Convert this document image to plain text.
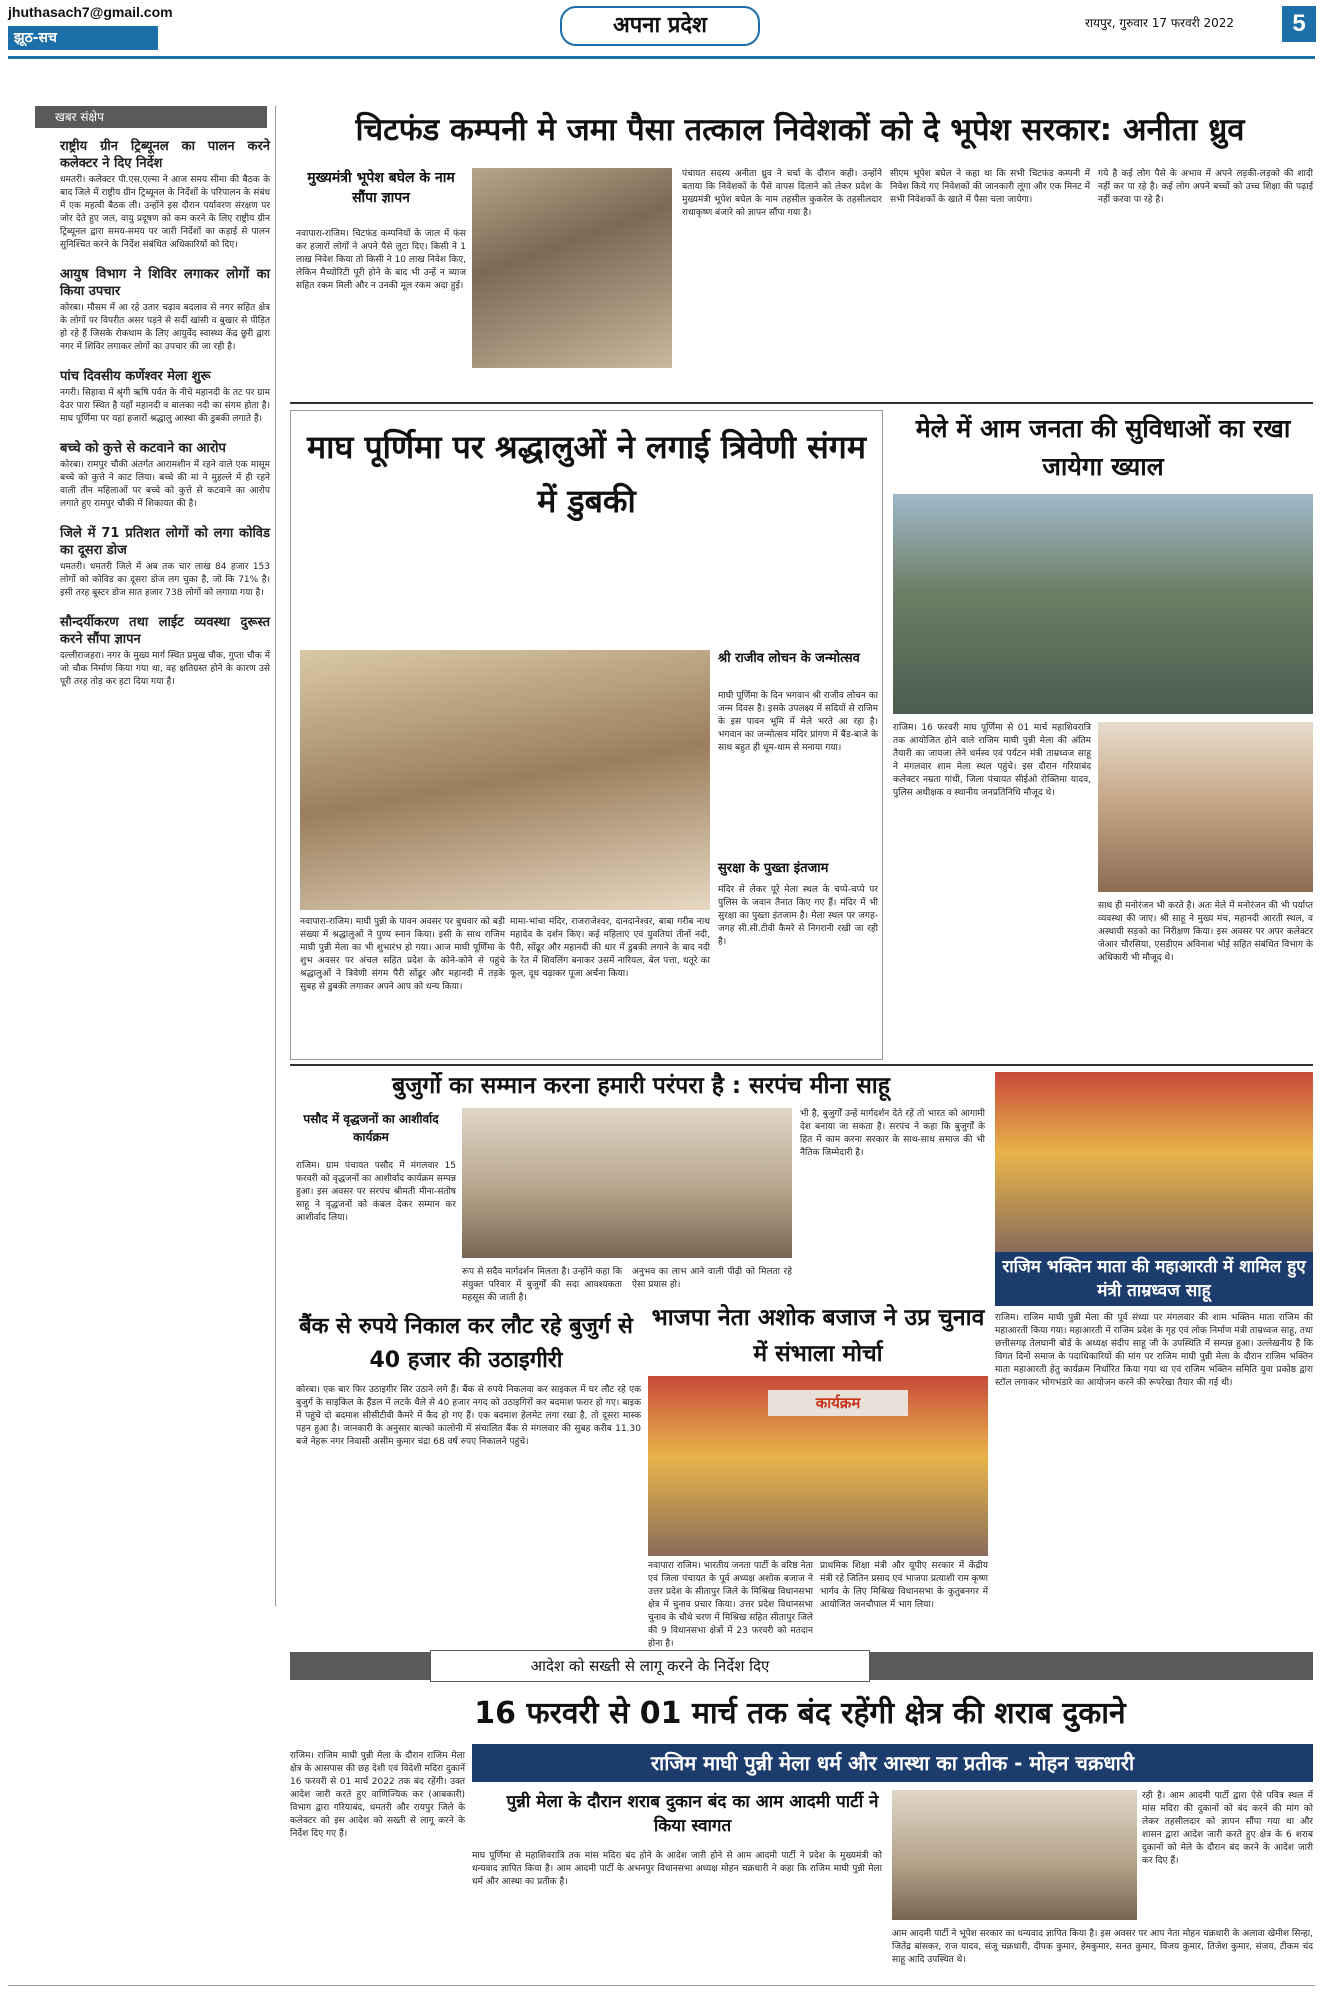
jhuthasach7@gmail.com
झूठ-सच	अपना प्रदेश	रायपुर, गुरुवार 17 फरवरी 2022	5
खबर संक्षेप
राष्ट्रीय ग्रीन ट्रिब्यूनल का पालन करने कलेक्टर ने दिए निर्देश
धमतरी। कलेक्टर पी.एस.एल्मा ने आज समय सीमा की बैठक के बाद जिले में राष्ट्रीय ग्रीन ट्रिब्यूनल के निर्देशों के परिपालन के संबंध में एक महत्वी बैठक ली। उन्होंने इस दौरान पर्यावरण संरक्षण पर जोर देते हुए जल, वायु प्रदूषण को कम करने के लिए राष्ट्रीय ग्रीन ट्रिब्यूनल द्वारा समय-समय पर जारी निर्देशों का कड़ाई से पालन सुनिश्चित करने के निर्देश संबंधित अधिकारियों को दिए।
आयुष विभाग ने शिविर लगाकर लोगों का किया उपचार
कोरबा। मौसम में आ रहे उतार चढ़ाव बदलाव से नगर सहित क्षेत्र के लोगों पर विपरीत असर पड़ने से सर्दी खांसी व बुखार से पीड़ित हो रहे हैं जिसके रोकथाम के लिए आयुर्वेद स्वास्थ्य केंद्र छुरी द्वारा नगर में शिविर लगाकर लोगों का उपचार की जा रही है।
पांच दिवसीय कर्णेश्वर मेला शुरू
नगरी। सिहावा में श्रृंगी ऋषि पर्वत के नीचे महानदी के तट पर ग्राम देउर पारा स्थित है यहाँ महानदी व बालका नदी का संगम होता है। माघ पूर्णिमा पर यहां हजारों श्रद्धालु आस्था की डुबकी लगाते हैं।
बच्चे को कुत्ते से कटवाने का आरोप
कोरबा। रामपुर चौकी अंतर्गत आरामशीन में रहने वाले एक मासूम बच्चे को कुत्ते ने काट लिया। बच्चे की मां ने मुहल्ले में ही रहने वाली तीन महिलाओं पर बच्चे को कुत्ते से कटवाने का आरोप लगाते हुए रामपुर चौकी में शिकायत की है।
जिले में 71 प्रतिशत लोगों को लगा कोविड का दूसरा डोज
धमतरी। धमतरी जिले में अब तक चार लाख 84 हजार 153 लोगों को कोविड का दूसरा डोज लग चुका है, जो कि 71% है। इसी तरह बूस्टर डोज सात हजार 738 लोगों को लगाया गया है।
सौन्दर्यीकरण तथा लाईट व्यवस्था दुरूस्त करने सौंपा ज्ञापन
दल्लीराजहरा। नगर के मुख्य मार्ग स्थित प्रमुख चौक, गुप्ता चौक में जो चौक निर्माण किया गया था, वह क्षतिग्रस्त होने के कारण उसे पूरी तरह तोड़ कर हटा दिया गया है।
चिटफंड कम्पनी मे जमा पैसा तत्काल निवेशकों को दे भूपेश सरकार: अनीता ध्रुव
मुख्यमंत्री भूपेश बघेल के नाम सौंपा ज्ञापन
नवापारा-राजिम। चिटफंड कम्पनियों के जाल में फंस कर हजारों लोगों ने अपने पैसे लुटा दिए। किसी ने 1 लाख निवेश किया तो किसी ने 10 लाख निवेश किए, लेकिन मैच्योरिटी पूरी होने के बाद भी उन्हें न ब्याज सहित रकम मिली और न उनकी मूल रकम अदा हुई।
पंचायत सदस्य अनीता ध्रुव ने चर्चा के दौरान कही। उन्होंने बताया कि निवेशकों के पैसे वापस दिलाने को लेकर प्रदेश के मुख्यमंत्री भूपेश बघेल के नाम तहसील कुकरेल के तहसीलदार राधाकृष्ण बंजारे को ज्ञापन सौंपा गया है।
सीएम भूपेश बघेल ने कहा था कि सभी चिटफंड कम्पनी में निवेश किये गए निवेशकों की जानकारी लूंगा और एक मिनट में सभी निवेशकों के खाते में पैसा चला जायेगा।
गये है कई लोग पैसे के अभाव में अपने लड़की-लड़को की शादी नहीं कर पा रहे है। कई लोग अपने बच्चों को उच्च शिक्षा की पढ़ाई नहीं करवा पा रहे है।
माघ पूर्णिमा पर श्रद्धालुओं ने लगाई त्रिवेणी संगम में डुबकी
श्री राजीव लोचन के जन्मोत्सव
माघी पूर्णिमा के दिन भगवान श्री राजीव लोचन का जन्म दिवस है। इसके उपलक्ष्य में सदियों से राजिम के इस पावन भूमि में मेले भरते आ रहा है। भगवान का जन्मोत्सव मंदिर प्रांगण में बैंड-बाजे के साथ बहुत ही धूम-धाम से मनाया गया।
सुरक्षा के पुख्ता इंतजाम
मंदिर से लेकर पूरे मेला स्थल के चप्पे-चप्पे पर पुलिस के जवान तैनात किए गए हैं। मंदिर में भी सुरक्षा का पुख्ता इंतजाम है। मेला स्थल पर जगह-जगह सी.सी.टीवी कैमरे से निगरानी रखी जा रही है।
नवापारा-राजिम। माघी पुन्नी के पावन अवसर पर बुधवार को बड़ी संख्या में श्रद्धालुओं ने पुण्य स्नान किया। इसी के साथ राजिम माघी पुन्नी मेला का भी शुभारंभ हो गया। आज माघी पूर्णिमा के शुभ अवसर पर अंचल सहित प्रदेश के कोने-कोने से पहुंचे श्रद्धालुओं ने त्रिवेणी संगम पैरी सोंढूर और महानदी में तड़के सुबह से डुबकी लगाकर अपने आप को धन्य किया।
मामा-भांचा मंदिर, राजराजेश्वर, दानदानेश्वर, बाबा गरीब नाथ महादेव के दर्शन किए। कई महिलाएं एवं युवतियां तीनों नदी, पैरी, सोंढूर और महानदी की धार में डुबकी लगाने के बाद नदी के रेत में शिवलिंग बनाकर उसमें नारियल, बेल पत्ता, धतूरे का फूल, दूध चढ़ाकर पूजा अर्चना किया।
मेले में आम जनता की सुविधाओं का रखा जायेगा ख्याल
राजिम। 16 फरवरी माघ पूर्णिमा से 01 मार्च महाशिवरात्रि तक आयोजित होने वाले राजिम माघी पुन्नी मेला की अंतिम तैयारी का जायजा लेने धर्मस्व एवं पर्यटन मंत्री ताम्रध्वज साहू ने मंगलवार शाम मेला स्थल पहुंचे। इस दौरान गरियाबंद कलेक्टर नम्रता गांधी, जिला पंचायत सीईओ रोक्तिमा यादव, पुलिस अधीक्षक व स्थानीय जनप्रतिनिधि मौजूद थे।
साथ ही मनोरंजन भी करते है। अतः मेले में मनोरंजन की भी पर्याप्त व्यवस्था की जाए। श्री साहू ने मुख्य मंच, महानदी आरती स्थल, व अस्थायी सड़को का निरीक्षण किया। इस अवसर पर अपर कलेक्टर जेआर चौरसिया, एसडीएम अविनाश भोई सहित संबंधित विभाग के अधिकारी भी मौजूद थे।
बुजुर्गो का सम्मान करना हमारी परंपरा है : सरपंच मीना साहू
पसौद में वृद्धजनों का आशीर्वाद कार्यक्रम
राजिम। ग्राम पंचायत पसौद में मंगलवार 15 फरवरी को वृद्धजनों का आशीर्वाद कार्यक्रम सम्पन्न हुआ। इस अवसर पर सरपंच श्रीमती मीना-संतोष साहू ने वृद्धजनों को कंबल देकर सम्मान कर आशीर्वाद लिया।
रूप से सदैव मार्गदर्शन मिलता है। उन्होंने कहा कि संयुक्त परिवार में बुजुर्गों की सदा आवश्यकता महसूस की जाती है।
अनुभव का लाभ आने वाली पीढ़ी को मिलता रहे ऐसा प्रयास हो।
भी है, बुजुर्गों उन्हें मार्गदर्शन देते रहें तो भारत को आगामी देश बनाया जा सकता है। सरपंच ने कहा कि बुजुर्गों के हित में काम करना सरकार के साथ-साथ समाज की भी नैतिक जिम्मेदारी है।
राजिम भक्तिन माता की महाआरती में शामिल हुए मंत्री ताम्रध्वज साहू
राजिम। राजिम माघी पुन्नी मेला की पूर्व संध्या पर मंगलवार की शाम भक्तिन माता राजिम की महाआरती किया गया। महाआरती में राजिम प्रदेश के गृह एवं लोक निर्माण मंत्री ताम्रध्वज साहू, तथा छत्तीसगढ़ तेलघानी बोर्ड के अध्यक्ष संदीप साहू जी के उपस्थिति में सम्पन्न हुआ। उल्लेखनीय है कि विगत दिनों समाज के पदाधिकारियों की मांग पर राजिम माघी पुन्नी मेला के दौरान राजिम भक्तिन माता महाआरती हेतु कार्यक्रम निर्धारित किया गया था एवं राजिम भक्तिन समिति युवा प्रकोष्ठ द्वारा स्टॉल लगाकर भोगभंडारे का आयोजन करने की रूपरेखा तैयार की गई थी।
बैंक से रुपये निकाल कर लौट रहे बुजुर्ग से 40 हजार की उठाइगीरी
कोरबा। एक बार फिर उठाइगीर सिर उठाने लगे हैं। बैंक से रुपये निकलवा कर साइकल में घर लौट रहे एक बुजुर्ग के साइकिल के हैंडल में लटके थैले से 40 हजार नगद को उठाइगिरों कर बदमाश फरार हो गए। बाइक में पहुंचे दो बदमाश सीसीटीवी कैमरे में कैद हो गए हैं। एक बदमाश हेलमेट लगा रखा है, तो दूसरा मास्क पहन हुआ है। जानकारी के अनुसार बाल्को कालोनी में संचालित बैंक से मंगलवार की सुबह करीब 11.30 बजे नेहरू नगर निवासी असीम कुमार चंद्रा 68 वर्ष रुपए निकालने पहुंचे।
भाजपा नेता अशोक बजाज ने उप्र चुनाव में संभाला मोर्चा
कार्यक्रम
नवापारा राजिम। भारतीय जनता पार्टी के वरिष्ठ नेता एवं जिला पंचायत के पूर्व अध्यक्ष अशोक बजाज ने उत्तर प्रदेश के सीतापुर जिले के मिश्रिख विधानसभा क्षेत्र में चुनाव प्रचार किया। उत्तर प्रदेश विधानसभा चुनाव के चौथे चरण में मिश्रिख सहित सीतापुर जिले की 9 विधानसभा क्षेत्रों में 23 फरवरी को मतदान होना है।
प्राथमिक शिक्षा मंत्री और यूपीए सरकार में केंद्रीय मंत्री रहे जितिन प्रसाद एवं भाजपा प्रत्याशी राम कृष्ण भार्गव के लिए मिश्रिख विधानसभा के कुतुबनगर में आयोजित जनचौपाल में भाग लिया।
आदेश को सख्ती से लागू करने के निर्देश दिए
16 फरवरी से 01 मार्च तक बंद रहेंगी क्षेत्र की शराब दुकाने
राजिम। राजिम माघी पुन्नी मेला के दौरान राजिम मेला क्षेत्र के आसपास की छह देशी एवं विदेशी मदिरा दुकानें 16 फरवरी से 01 मार्च 2022 तक बंद रहेंगी। उक्त आदेश जारी करते हुए वाणिज्यिक कर (आबकारी) विभाग द्वारा गरियाबंद, धमतरी और रायपुर जिले के कलेक्टर को इस आदेश को सख्ती से लागू करने के निर्देश दिए गए हैं।
राजिम माघी पुन्नी मेला धर्म और आस्था का प्रतीक - मोहन चक्रधारी
पुन्नी मेला के दौरान शराब दुकान बंद का आम आदमी पार्टी ने किया स्वागत
माघ पूर्णिमा से महाशिवरात्रि तक मांस मदिरा बंद होने के आदेश जारी होने से आम आदमी पार्टी ने प्रदेश के मुख्यमंत्री को धन्यवाद ज्ञापित किया है। आम आदमी पार्टी के अभनपुर विधानसभा अध्यक्ष मोहन चक्रधारी ने कहा कि राजिम माघी पुन्नी मेला धर्म और आस्था का प्रतीक है।
रही है। आम आदमी पार्टी द्वारा ऐसे पवित्र स्थल में मांस मदिरा की दुकानों को बंद करने की मांग को लेकर तहसीलदार को ज्ञापन सौंपा गया था और शासन द्वारा आदेश जारी करते हुए क्षेत्र के 6 शराब दुकानों को मेले के दौरान बंद करने के आदेश जारी कर दिए हैं।
आम आदमी पार्टी ने भूपेश सरकार का धन्यवाद ज्ञापित किया है। इस अवसर पर आप नेता मोहन चक्रधारी के अलावा खेमीश सिन्हा, जितेंद्र बांसकर, राज यादव, संजू चक्रधारी, दीपक कुमार, हेमकुमार, सनत कुमार, विजय कुमार, तिजेश कुमार, संजय, टीकम चंद साहू आदि उपस्थित थे।
